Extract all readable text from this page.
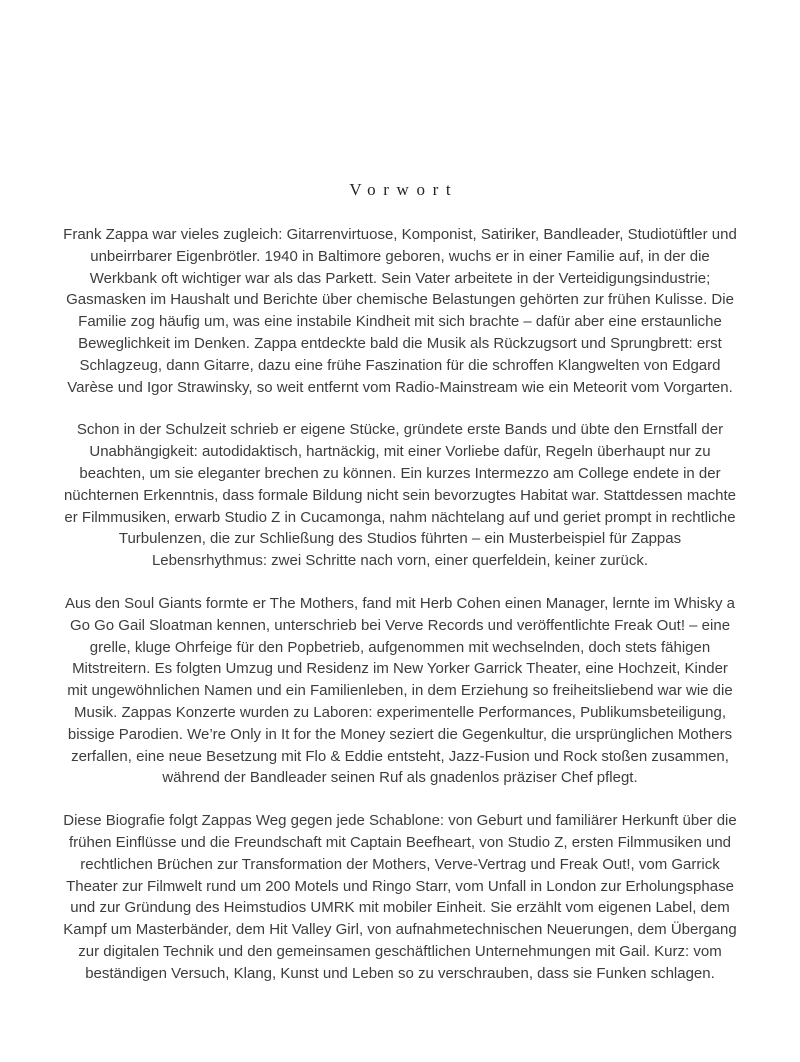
Vorwort

Frank Zappa war vieles zugleich: Gitarrenvirtuose, Komponist, Satiriker, Bandleader, Studiotüftler und unbeirrbarer Eigenbrötler. 1940 in Baltimore geboren, wuchs er in einer Familie auf, in der die Werkbank oft wichtiger war als das Parkett. Sein Vater arbeitete in der Verteidigungsindustrie; Gasmasken im Haushalt und Berichte über chemische Belastungen gehörten zur frühen Kulisse. Die Familie zog häufig um, was eine instabile Kindheit mit sich brachte – dafür aber eine erstaunliche Beweglichkeit im Denken. Zappa entdeckte bald die Musik als Rückzugsort und Sprungbrett: erst Schlagzeug, dann Gitarre, dazu eine frühe Faszination für die schroffen Klangwelten von Edgard Varèse und Igor Strawinsky, so weit entfernt vom Radio-Mainstream wie ein Meteorit vom Vorgarten.

Schon in der Schulzeit schrieb er eigene Stücke, gründete erste Bands und übte den Ernstfall der Unabhängigkeit: autodidaktisch, hartnäckig, mit einer Vorliebe dafür, Regeln überhaupt nur zu beachten, um sie eleganter brechen zu können. Ein kurzes Intermezzo am College endete in der nüchternen Erkenntnis, dass formale Bildung nicht sein bevorzugtes Habitat war. Stattdessen machte er Filmmusiken, erwarb Studio Z in Cucamonga, nahm nächtelang auf und geriet prompt in rechtliche Turbulenzen, die zur Schließung des Studios führten – ein Musterbeispiel für Zappas Lebensrhythmus: zwei Schritte nach vorn, einer querfeldein, keiner zurück.

Aus den Soul Giants formte er The Mothers, fand mit Herb Cohen einen Manager, lernte im Whisky a Go Go Gail Sloatman kennen, unterschrieb bei Verve Records und veröffentlichte Freak Out! – eine grelle, kluge Ohrfeige für den Popbetrieb, aufgenommen mit wechselnden, doch stets fähigen Mitstreitern. Es folgten Umzug und Residenz im New Yorker Garrick Theater, eine Hochzeit, Kinder mit ungewöhnlichen Namen und ein Familienleben, in dem Erziehung so freiheitsliebend war wie die Musik. Zappas Konzerte wurden zu Laboren: experimentelle Performances, Publikumsbeteiligung, bissige Parodien. We’re Only in It for the Money seziert die Gegenkultur, die ursprünglichen Mothers zerfallen, eine neue Besetzung mit Flo & Eddie entsteht, Jazz-Fusion und Rock stoßen zusammen, während der Bandleader seinen Ruf als gnadenlos präziser Chef pflegt.

Diese Biografie folgt Zappas Weg gegen jede Schablone: von Geburt und familiärer Herkunft über die frühen Einflüsse und die Freundschaft mit Captain Beefheart, von Studio Z, ersten Filmmusiken und rechtlichen Brüchen zur Transformation der Mothers, Verve-Vertrag und Freak Out!, vom Garrick Theater zur Filmwelt rund um 200 Motels und Ringo Starr, vom Unfall in London zur Erholungsphase und zur Gründung des Heimstudios UMRK mit mobiler Einheit. Sie erzählt vom eigenen Label, dem Kampf um Masterbänder, dem Hit Valley Girl, von aufnahmetechnischen Neuerungen, dem Übergang zur digitalen Technik und den gemeinsamen geschäftlichen Unternehmungen mit Gail. Kurz: vom beständigen Versuch, Klang, Kunst und Leben so zu verschrauben, dass sie Funken schlagen.
